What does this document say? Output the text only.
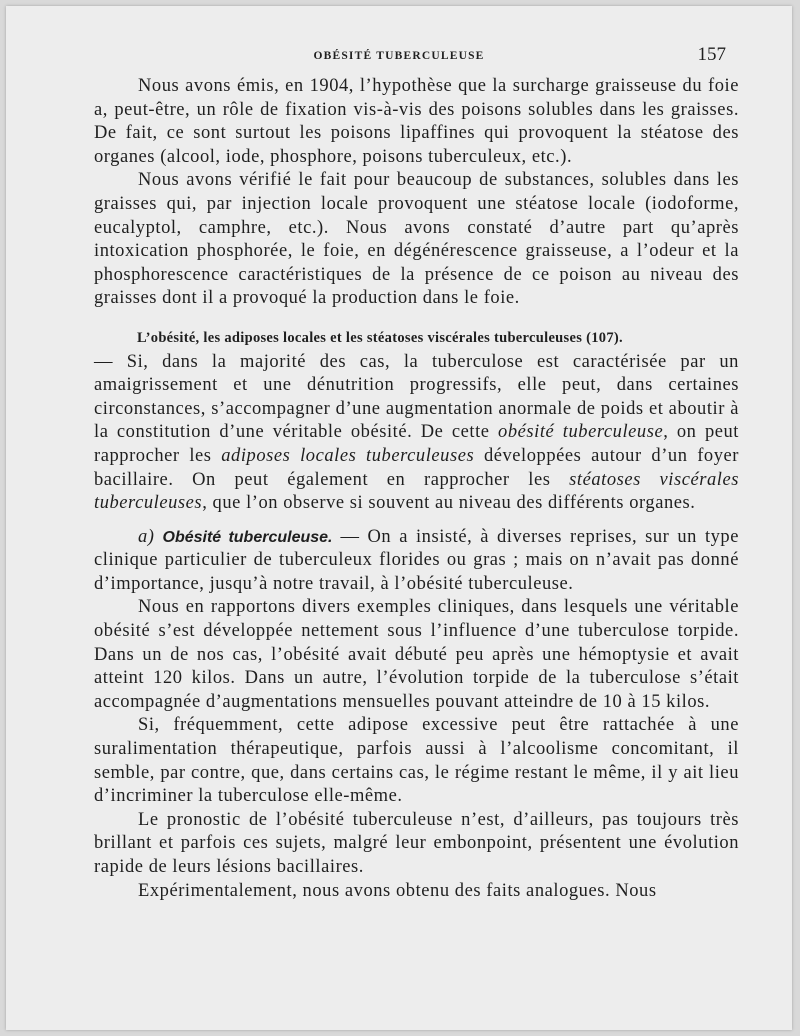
OBÉSITÉ TUBERCULEUSE	157

Nous avons émis, en 1904, l’hypothèse que la surcharge graisseuse du foie a, peut-être, un rôle de fixation vis-à-vis des poisons solubles dans les graisses. De fait, ce sont surtout les poisons lipaffines qui provoquent la stéatose des organes (alcool, iode, phosphore, poisons tuberculeux, etc.).

Nous avons vérifié le fait pour beaucoup de substances, solubles dans les graisses qui, par injection locale provoquent une stéatose locale (iodoforme, eucalyptol, camphre, etc.). Nous avons constaté d’autre part qu’après intoxication phosphorée, le foie, en dégénérescence graisseuse, a l’odeur et la phosphorescence caractéristiques de la présence de ce poison au niveau des graisses dont il a provoqué la production dans le foie.

L’obésité, les adiposes locales et les stéatoses viscérales tuberculeuses (107).
— Si, dans la majorité des cas, la tuberculose est caractérisée par un amaigrissement et une dénutrition progressifs, elle peut, dans certaines circonstances, s’accompagner d’une augmentation anormale de poids et aboutir à la constitution d’une véritable obésité. De cette obésité tuberculeuse, on peut rapprocher les adiposes locales tuberculeuses développées autour d’un foyer bacillaire. On peut également en rapprocher les stéatoses viscérales tuberculeuses, que l’on observe si souvent au niveau des différents organes.

a) Obésité tuberculeuse. — On a insisté, à diverses reprises, sur un type clinique particulier de tuberculeux florides ou gras ; mais on n’avait pas donné d’importance, jusqu’à notre travail, à l’obésité tuberculeuse.

Nous en rapportons divers exemples cliniques, dans lesquels une véritable obésité s’est développée nettement sous l’influence d’une tuberculose torpide. Dans un de nos cas, l’obésité avait débuté peu après une hémoptysie et avait atteint 120 kilos. Dans un autre, l’évolution torpide de la tuberculose s’était accompagnée d’augmentations mensuelles pouvant atteindre de 10 à 15 kilos.

Si, fréquemment, cette adipose excessive peut être rattachée à une suralimentation thérapeutique, parfois aussi à l’alcoolisme concomitant, il semble, par contre, que, dans certains cas, le régime restant le même, il y ait lieu d’incriminer la tuberculose elle-même.

Le pronostic de l’obésité tuberculeuse n’est, d’ailleurs, pas toujours très brillant et parfois ces sujets, malgré leur embonpoint, présentent une évolution rapide de leurs lésions bacillaires.

Expérimentalement, nous avons obtenu des faits analogues. Nous
